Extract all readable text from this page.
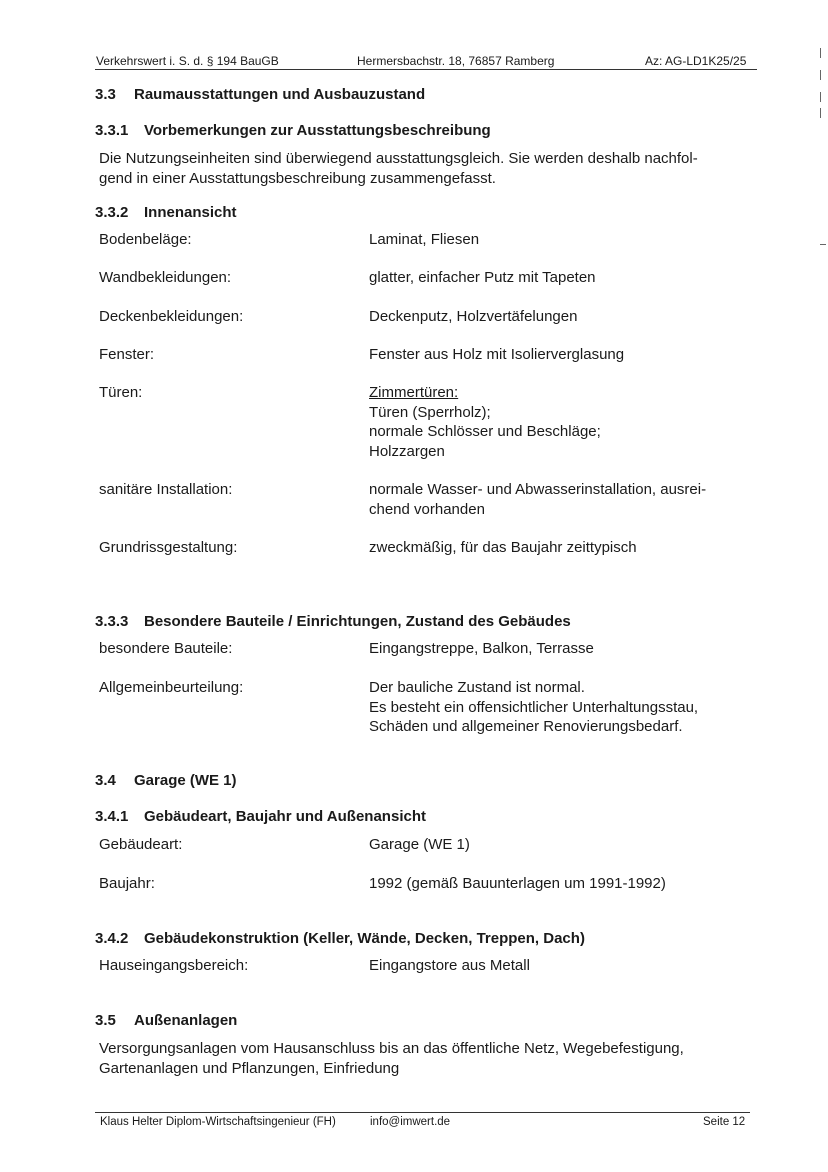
Verkehrswert i. S. d. § 194 BauGB	Hermersbachstr. 18, 76857 Ramberg	Az: AG-LD1K25/25
3.3 Raumausstattungen und Ausbauzustand
3.3.1 Vorbemerkungen zur Ausstattungsbeschreibung
Die Nutzungseinheiten sind überwiegend ausstattungsgleich. Sie werden deshalb nachfol-
gend in einer Ausstattungsbeschreibung zusammengefasst.
3.3.2 Innenansicht
Bodenbeläge:	Laminat, Fliesen
Wandbekleidungen:	glatter, einfacher Putz mit Tapeten
Deckenbekleidungen:	Deckenputz, Holzvertäfelungen
Fenster:	Fenster aus Holz mit Isolierverglasung
Türen:	Zimmertüren:
Türen (Sperrholz);
normale Schlösser und Beschläge;
Holzzargen
sanitäre Installation:	normale Wasser- und Abwasserinstallation, ausrei-
chend vorhanden
Grundrissgestaltung:	zweckmäßig, für das Baujahr zeittypisch
3.3.3 Besondere Bauteile / Einrichtungen, Zustand des Gebäudes
besondere Bauteile:	Eingangstreppe, Balkon, Terrasse
Allgemeinbeurteilung:	Der bauliche Zustand ist normal.
Es besteht ein offensichtlicher Unterhaltungsstau,
Schäden und allgemeiner Renovierungsbedarf.
3.4 Garage (WE 1)
3.4.1 Gebäudeart, Baujahr und Außenansicht
Gebäudeart:	Garage (WE 1)
Baujahr:	1992 (gemäß Bauunterlagen um 1991-1992)
3.4.2 Gebäudekonstruktion (Keller, Wände, Decken, Treppen, Dach)
Hauseingangsbereich:	Eingangstore aus Metall
3.5 Außenanlagen
Versorgungsanlagen vom Hausanschluss bis an das öffentliche Netz, Wegebefestigung,
Gartenanlagen und Pflanzungen, Einfriedung
Klaus Helter Diplom-Wirtschaftsingenieur (FH)	info@imwert.de	Seite 12
